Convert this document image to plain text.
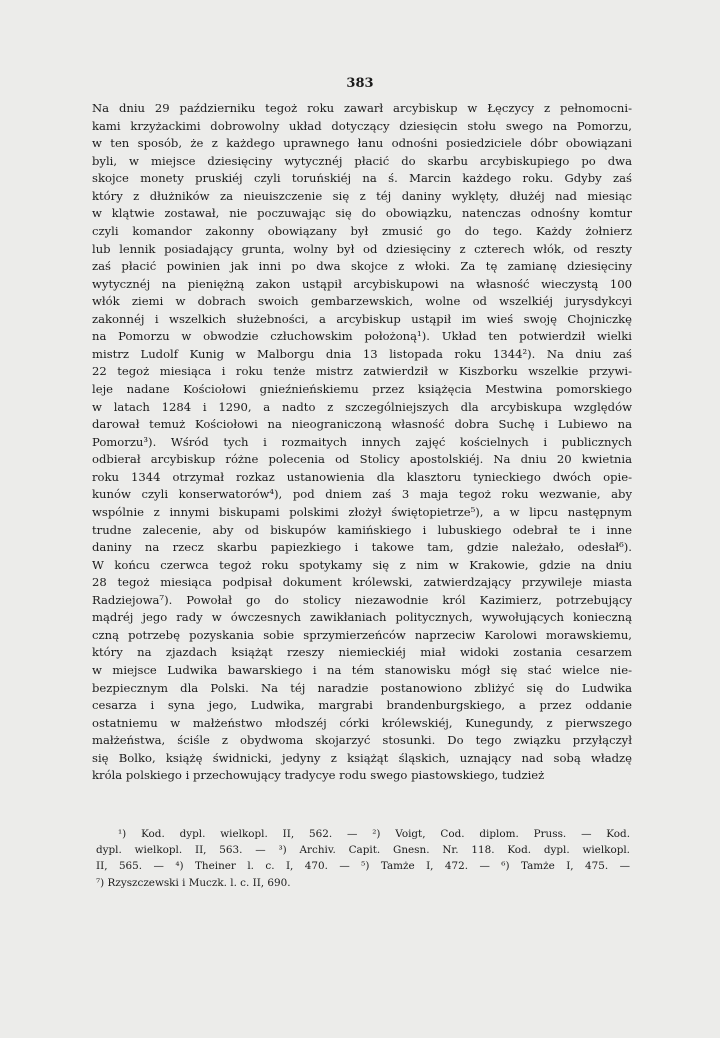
383
Na dniu 29 październiku tegoż roku zawarł arcybiskup w Łęczycy z pełnomocni-
kami krzyżackimi dobrowolny układ dotyczący dziesięcin stołu swego na Pomorzu,
w ten sposób, że z każdego uprawnego łanu odnośni posiedziciele dóbr obowiązani
byli, w miejsce dziesięciny wytycznéj płacić do skarbu arcybiskupiego po dwa
skojce monety pruskiéj czyli toruńskiéj na ś. Marcin każdego roku. Gdyby zaś
który z dłużników za nieuiszczenie się z téj daniny wyklęty, dłużéj nad miesiąc
w klątwie zostawał, nie poczuwając się do obowiązku, natenczas odnośny komtur
czyli komandor zakonny obowiązany był zmusić go do tego. Każdy żołnierz
lub lennik posiadający grunta, wolny był od dziesięciny z czterech włók, od reszty
zaś płacić powinien jak inni po dwa skojce z włoki. Za tę zamianę dziesięciny
wytycznéj na pieniężną zakon ustąpił arcybiskupowi na własność wieczystą 100
włók ziemi w dobrach swoich gembarzewskich, wolne od wszelkiéj jurysdykcyi
zakonnéj i wszelkich służebności, a arcybiskup ustąpił im wieś swoję Chojniczkę
na Pomorzu w obwodzie człuchowskim położoną¹). Układ ten potwierdził wielki
mistrz Ludolf Kunig w Malborgu dnia 13 listopada roku 1344²). Na dniu zaś
22 tegoż miesiąca i roku tenże mistrz zatwierdził w Kiszborku wszelkie przywi-
leje nadane Kościołowi gnieźnieńskiemu przez książęcia Mestwina pomorskiego
w latach 1284 i 1290, a nadto z szczególniejszych dla arcybiskupa względów
darował temuż Kościołowi na nieograniczoną własność dobra Suchę i Lubiewo na
Pomorzu³). Wśród tych i rozmaitych innych zajęć kościelnych i publicznych
odbierał arcybiskup różne polecenia od Stolicy apostolskiéj. Na dniu 20 kwietnia
roku 1344 otrzymał rozkaz ustanowienia dla klasztoru tynieckiego dwóch opie-
kunów czyli konserwatorów⁴), pod dniem zaś 3 maja tegoż roku wezwanie, aby
wspólnie z innymi biskupami polskimi złożył świętopietrze⁵), a w lipcu następnym
trudne zalecenie, aby od biskupów kamińskiego i lubuskiego odebrał te i inne
daniny na rzecz skarbu papiezkiego i takowe tam, gdzie należało, odesłał⁶).
W końcu czerwca tegoż roku spotykamy się z nim w Krakowie, gdzie na dniu
28 tegoż miesiąca podpisał dokument królewski, zatwierdzający przywileje miasta
Radziejowa⁷). Powołał go do stolicy niezawodnie król Kazimierz, potrzebujący
mądréj jego rady w ówczesnych zawikłaniach politycznych, wywołujących konieczną
czną potrzebę pozyskania sobie sprzymierzeńców naprzeciw Karolowi morawskiemu,
który na zjazdach książąt rzeszy niemieckiéj miał widoki zostania cesarzem
w miejsce Ludwika bawarskiego i na tém stanowisku mógł się stać wielce nie-
bezpiecznym dla Polski. Na téj naradzie postanowiono zbliżyć się do Ludwika
cesarza i syna jego, Ludwika, margrabi brandenburgskiego, a przez oddanie
ostatniemu w małżeństwo młodszéj córki królewskiéj, Kunegundy, z pierwszego
małżeństwa, ściśle z obydwoma skojarzyć stosunki. Do tego związku przyłączył
się Bolko, książę świdnicki, jedyny z książąt śląskich, uznający nad sobą władzę
króla polskiego i przechowujący tradycye rodu swego piastowskiego, tudzież
¹) Kod. dypl. wielkopl. II, 562. — ²) Voigt, Cod. diplom. Pruss. — Kod.
dypl. wielkopl. II, 563. — ³) Archiv. Capit. Gnesn. Nr. 118. Kod. dypl. wielkopl.
II, 565. — ⁴) Theiner l. c. I, 470. — ⁵) Tamże I, 472. — ⁶) Tamże I, 475. —
⁷) Rzyszczewski i Muczk. l. c. II, 690.
